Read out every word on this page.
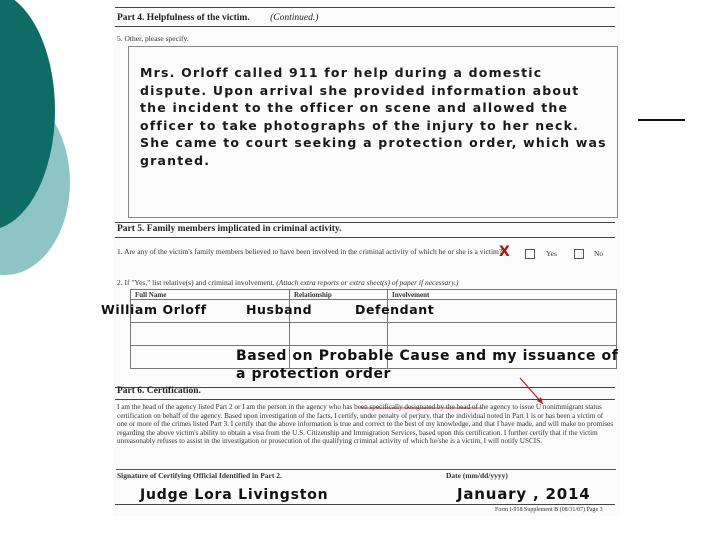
Part 4. Helpfulness of the victim. (Continued.)
5. Other, please specify.
Part 5. Family members implicated in criminal activity.
1. Are any of the victim's family members believed to have been involved in the criminal activity of which he or she is a victim?	Yes	No
2. If "Yes," list relative(s) and criminal involvement. (Attach extra reports or extra sheet(s) of paper if necessary.)
Full Name	Relationship	Involvement
Part 6. Certification.
I am the head of the agency listed Part 2 or I am the person in the agency who has been specifically designated by the head of the agency to issue U nonimmigrant status certification on behalf of the agency. Based upon investigation of the facts, I certify, under penalty of perjury, that the individual noted in Part 1 is or has been a victim of one or more of the crimes listed Part 3. I certify that the above information is true and correct to the best of my knowledge, and that I have made, and will make no promises regarding the above victim's ability to obtain a visa from the U.S. Citizenship and Immigration Services, based upon this certification. I further certify that if the victim unreasonably refuses to assist in the investigation or prosecution of the qualifying criminal activity of which he/she is a victim, I will notify USCIS.
Signature of Certifying Official Identified in Part 2.	Date (mm/dd/yyyy)
Form I-918 Supplement B (08/31/07) Page 3
Mrs. Orloff called 911 for help during a domestic dispute. Upon arrival she provided information about the incident to the officer on scene and allowed the officer to take photographs of the injury to her neck. She came to court seeking a protection order, which was granted.
X
William Orloff	Husband	Defendant
Based on Probable Cause and my issuance of a protection order
Judge Lora Livingston	January , 2014
